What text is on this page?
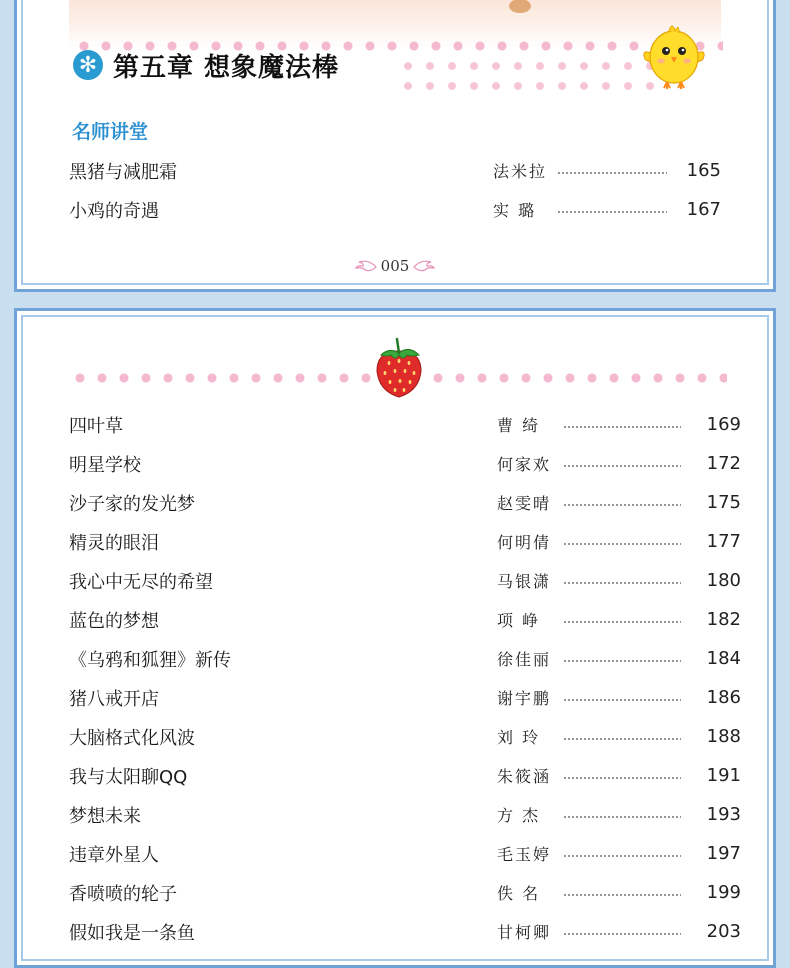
✻ 第五章 想象魔法棒
名师讲堂
黑猪与减肥霜	法米拉	165
小鸡的奇遇	实 璐	167
005
四叶草	曹 绮	169
明星学校	何家欢	172
沙子家的发光梦	赵雯晴	175
精灵的眼泪	何明倩	177
我心中无尽的希望	马银潇	180
蓝色的梦想	项 峥	182
《乌鸦和狐狸》新传	徐佳丽	184
猪八戒开店	谢宇鹏	186
大脑格式化风波	刘 玲	188
我与太阳聊QQ	朱筱涵	191
梦想未来	方 杰	193
违章外星人	毛玉婷	197
香喷喷的轮子	佚 名	199
假如我是一条鱼	甘柯卿	203
